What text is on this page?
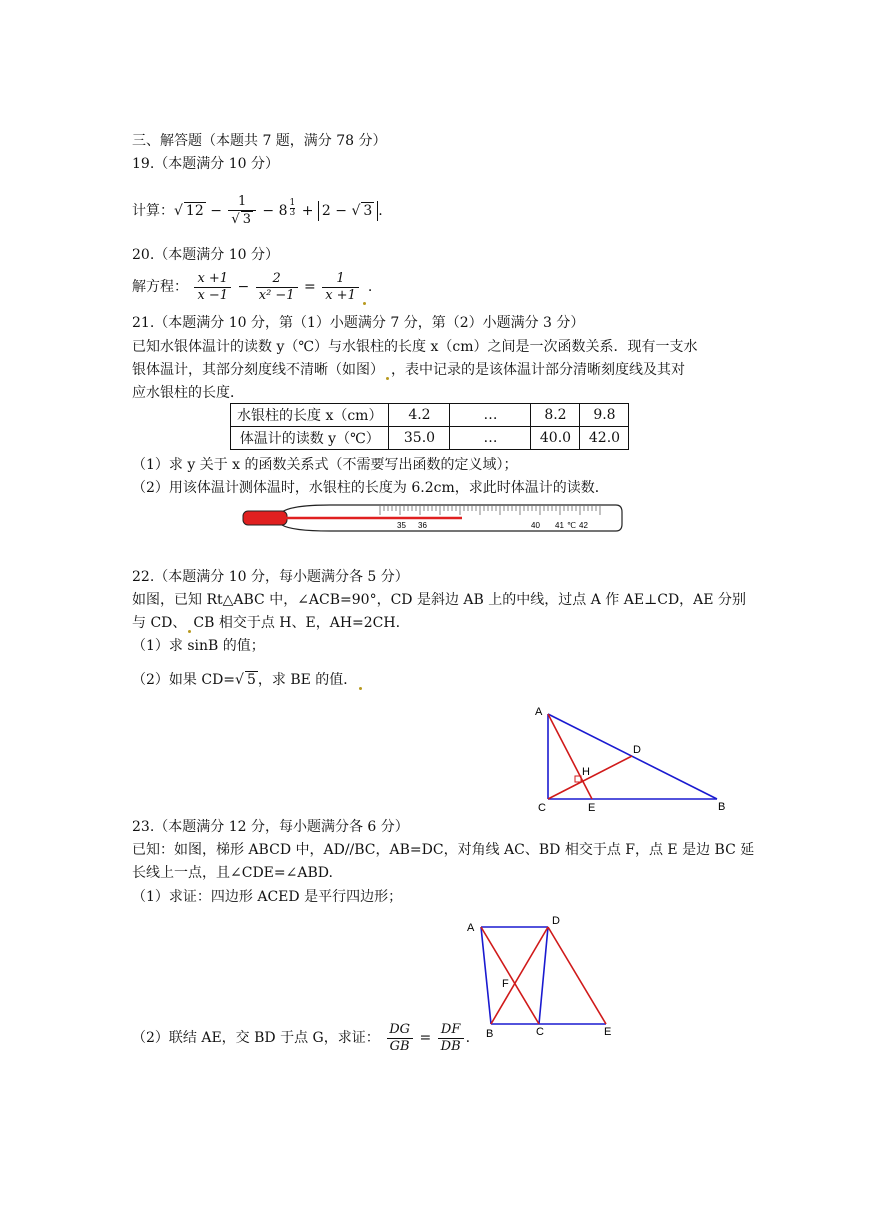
三、解答题（本题共 7 题，满分 78 分）
19.（本题满分 10 分）
计算：√ $12 - \frac{1}{√ 3} - 8 \frac{1}{3} + 2$ − √ 3 .
20.（本题满分 10 分）
解方程： $\frac{x +1}{x -1} - \frac{2}{\text{x² −1}} = \frac{1}{x +1}$ .
21.（本题满分 10 分，第（1）小题满分 7 分，第（2）小题满分 3 分）
已知水银体温计的读数 y（℃）与水银柱的长度 x（cm）之间是一次函数关系．现有一支水
银体温计，其部分刻度线不清晰（如图） ，表中记录的是该体温计部分清晰刻度线及其对
应水银柱的长度．
水银柱的长度 x（cm）	4.2	…	8.2	9.8
体温计的读数 y（℃）	35.0	…	40.0	42.0
（1）求 y 关于 x 的函数关系式（不需要写出函数的定义域）；
（2）用该体温计测体温时，水银柱的长度为 6.2cm，求此时体温计的读数．
35 36	40 41 ℃ 42
22.（本题满分 10 分，每小题满分各 5 分）
如图，已知 Rt△ABC 中，∠ACB=90°，CD 是斜边 AB 上的中线，过点 A 作 AE⊥CD，AE 分别
与 CD、 CB 相交于点 H、E，AH=2CH.
（1）求 sinB 的值；
（2）如果 CD=√ 5 ，求 BE 的值．
A
C	E	B
D
H
23.（本题满分 12 分，每小题满分各 6 分）
已知：如图，梯形 ABCD 中，AD//BC，AB=DC，对角线 AC、BD 相交于点 F，点 E 是边 BC 延
长线上一点，且∠CDE=∠ABD.
（1）求证：四边形 ACED 是平行四边形；
A
D
F
B	C	E
（2）联结 AE，交 BD 于点 G，求证： $\frac{DG}{GB} = \frac{DF}{DB}$ .
